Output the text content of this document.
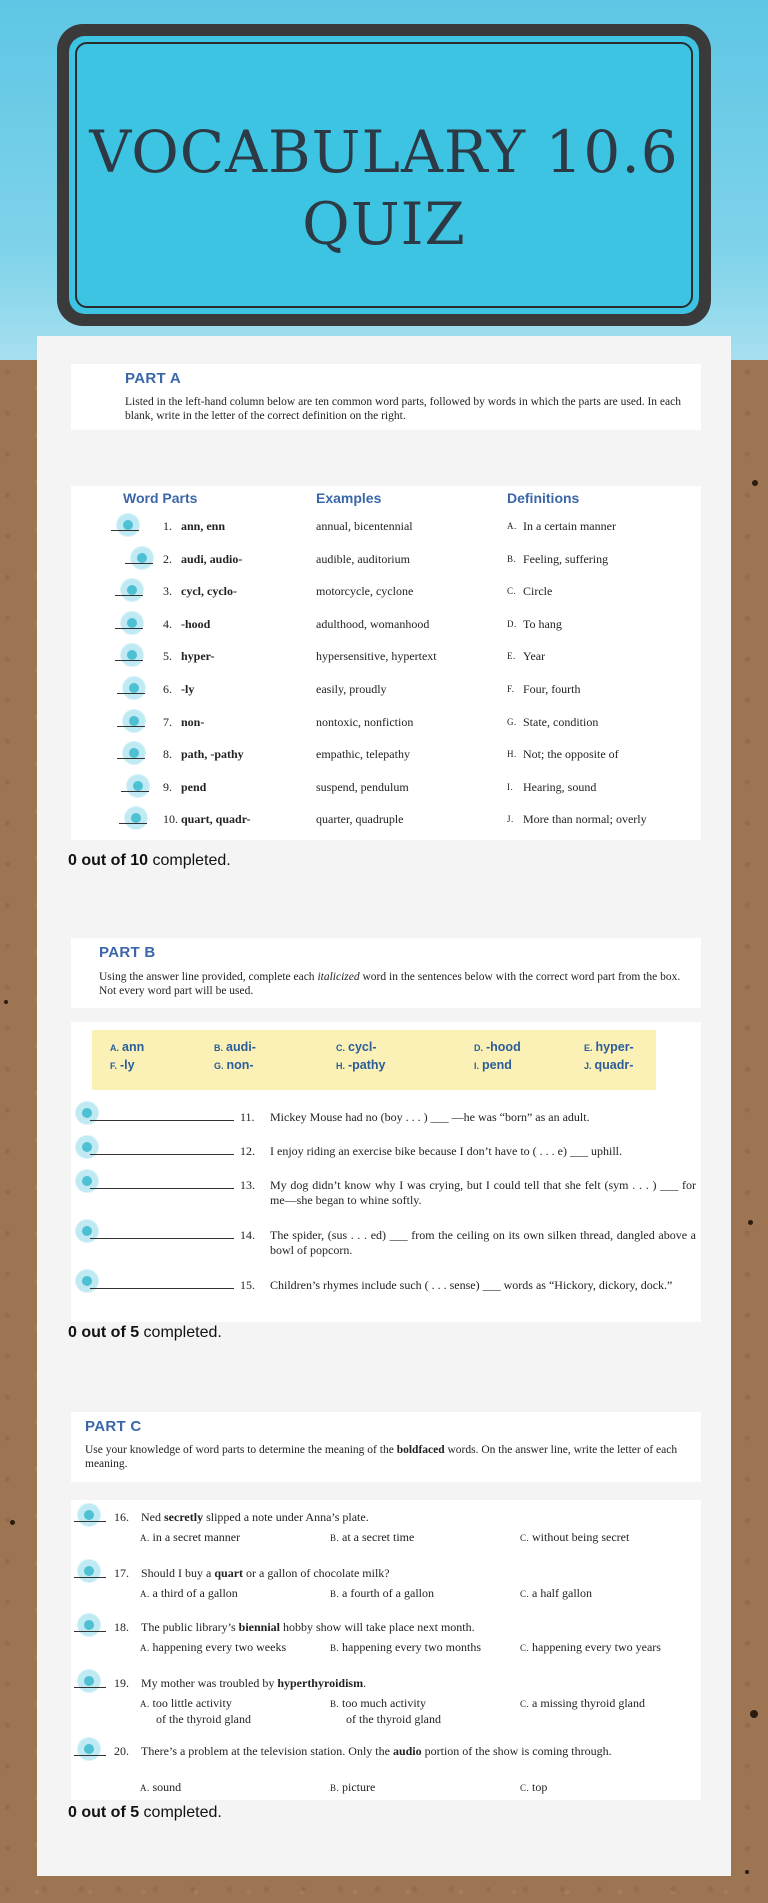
VOCABULARY 10.6
QUIZ
PART A
Listed in the left-hand column below are ten common word parts, followed by words in which the parts are used. In each blank, write in the letter of the correct definition on the right.
Word Parts	Examples	Definitions
1. ann, enn	annual, bicentennial	A. In a certain manner
2. audi, audio-	audible, auditorium	B. Feeling, suffering
3. cycl, cyclo-	motorcycle, cyclone	C. Circle
4. -hood	adulthood, womanhood	D. To hang
5. hyper-	hypersensitive, hypertext	E. Year
6. -ly	easily, proudly	F. Four, fourth
7. non-	nontoxic, nonfiction	G. State, condition
8. path, -pathy	empathic, telepathy	H. Not; the opposite of
9. pend	suspend, pendulum	I. Hearing, sound
10. quart, quadr-	quarter, quadruple	J. More than normal; overly
0 out of 10 completed.
PART B
Using the answer line provided, complete each italicized word in the sentences below with the correct word part from the box. Not every word part will be used.
A. ann	B. audi-	C. cycl-	D. -hood	E. hyper-
F. -ly	G. non-	H. -pathy	I. pend	J. quadr-
11. Mickey Mouse had no (boy . . . ) ___ —he was “born” as an adult.
12. I enjoy riding an exercise bike because I don’t have to ( . . . e) ___ uphill.
13. My dog didn’t know why I was crying, but I could tell that she felt (sym . . . ) ___ for me—she began to whine softly.
14. The spider, (sus . . . ed) ___ from the ceiling on its own silken thread, dangled above a bowl of popcorn.
15. Children’s rhymes include such ( . . . sense) ___ words as “Hickory, dickory, dock.”
0 out of 5 completed.
PART C
Use your knowledge of word parts to determine the meaning of the boldfaced words. On the answer line, write the letter of each meaning.
16. Ned secretly slipped a note under Anna’s plate.
A. in a secret manner	B. at a secret time	C. without being secret
17. Should I buy a quart or a gallon of chocolate milk?
A. a third of a gallon	B. a fourth of a gallon	C. a half gallon
18. The public library’s biennial hobby show will take place next month.
A. happening every two weeks	B. happening every two months	C. happening every two years
19. My mother was troubled by hyperthyroidism.
A. too little activity
of the thyroid gland
B. too much activity
of the thyroid gland
C. a missing thyroid gland
20. There’s a problem at the television station. Only the audio portion of the show is coming through.
A. sound	B. picture	C. top
0 out of 5 completed.
